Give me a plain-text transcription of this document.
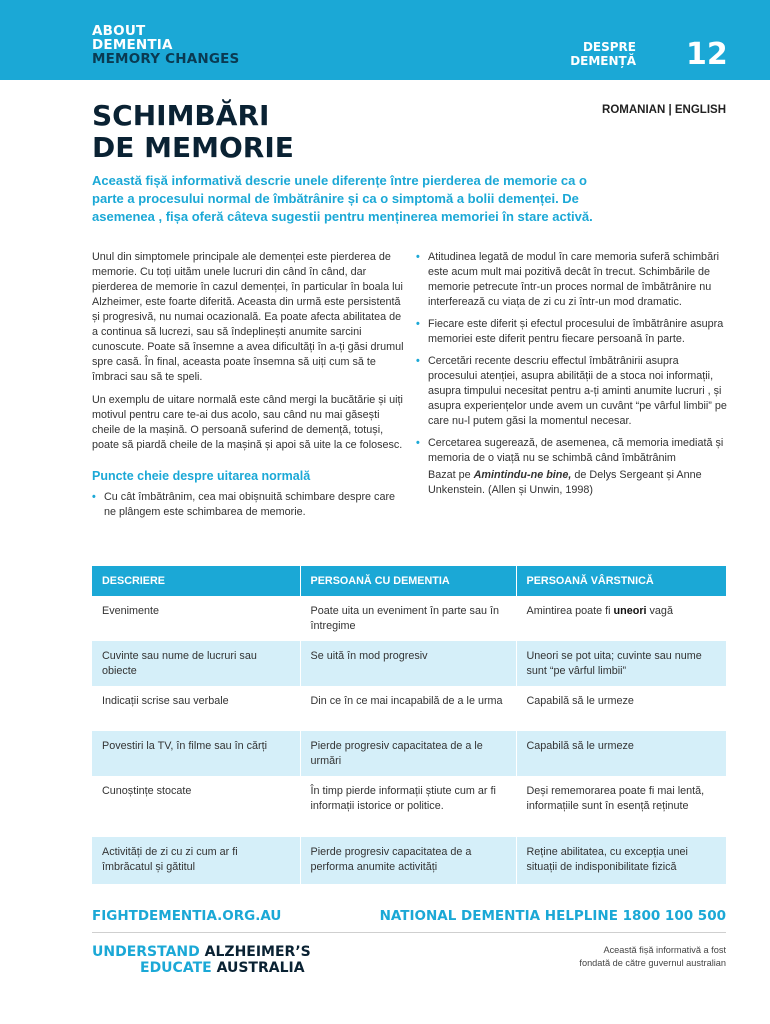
ABOUT
DEMENTIA
MEMORY CHANGES
DESPRE
DEMENȚĂ 12
ROMANIAN | ENGLISH
SCHIMBĂRI
DE MEMORIE
Această fișă informativă descrie unele diferențe între pierderea de memorie ca o parte a procesului normal de îmbătrânire și ca o simptomă a bolii demenței. De asemenea , fișa oferă câteva sugestii pentru menținerea memoriei în stare activă.

Unul din simptomele principale ale demenței este pierderea de memorie. Cu toți uităm unele lucruri din când în când, dar pierderea de memorie în cazul demenței, în particular în boala lui Alzheimer, este foarte diferită. Aceasta din urmă este persistentă și progresivă, nu numai ocazională. Ea poate afecta abilitatea de a continua să lucrezi, sau să îndeplinești anumite sarcini cunoscute. Poate să însemne a avea dificultăți în a-ți găsi drumul spre casă. În final, aceasta poate însemna să uiți cum să te îmbraci sau să te speli.

Un exemplu de uitare normală este când mergi la bucătărie și uiți motivul pentru care te-ai dus acolo, sau când nu mai găsești cheile de la mașină. O persoană suferind de demență, totuși, poate să piardă cheile de la mașină și apoi să uite la ce folosesc.

Puncte cheie despre uitarea normală
• Cu cât îmbătrânim, cea mai obișnuită schimbare despre care ne plângem este schimbarea de memorie.
• Atitudinea legată de modul în care memoria suferă schimbări este acum mult mai pozitivă decât în trecut. Schimbările de memorie petrecute într-un proces normal de îmbătrânire nu interferează cu viața de zi cu zi într-un mod dramatic.
• Fiecare este diferit și efectul procesului de îmbătrânire asupra memoriei este diferit pentru fiecare persoană în parte.
• Cercetări recente descriu effectul îmbătrânirii asupra procesului atenției, asupra abilității de a stoca noi informații, asupra timpului necesitat pentru a-ți aminti anumite lucruri , și asupra experiențelor unde avem un cuvânt “pe vârful limbii” pe care nu-l putem găsi la momentul necesar.
• Cercetarea sugerează, de asemenea, că memoria imediată și memoria de o viață nu se schimbă când îmbătrânim
Bazat pe Amintindu-ne bine, de Delys Sergeant și Anne Unkenstein. (Allen și Unwin, 1998)
DESCRIERE	PERSOANĂ CU DEMENTIA	PERSOANĂ VÂRSTNICĂ
Evenimente	Poate uita un eveniment în parte sau în întregime	Amintirea poate fi uneori vagă
Cuvinte sau nume de lucruri sau obiecte	Se uită în mod progresiv	Uneori se pot uita; cuvinte sau nume sunt “pe vârful limbii”
Indicații scrise sau verbale	Din ce în ce mai incapabilă de a le urma	Capabilă să le urmeze
Povestiri la TV, în filme sau în cărți	Pierde progresiv capacitatea de a le urmări	Capabilă să le urmeze
Cunoștințe stocate	În timp pierde informații știute cum ar fi informații istorice or politice.	Deși rememorarea poate fi mai lentă, informațiile sunt în esență reținute
Activități de zi cu zi cum ar fi îmbrăcatul și gătitul	Pierde progresiv capacitatea de a performa anumite activități	Reține abilitatea, cu excepția unei situații de indisponibilitate fizică
FIGHTDEMENTIA.ORG.AU	NATIONAL DEMENTIA HELPLINE 1800 100 500
UNDERSTAND ALZHEIMER’S
EDUCATE AUSTRALIA
Această fișă informativă a fost
fondată de către guvernul australian
